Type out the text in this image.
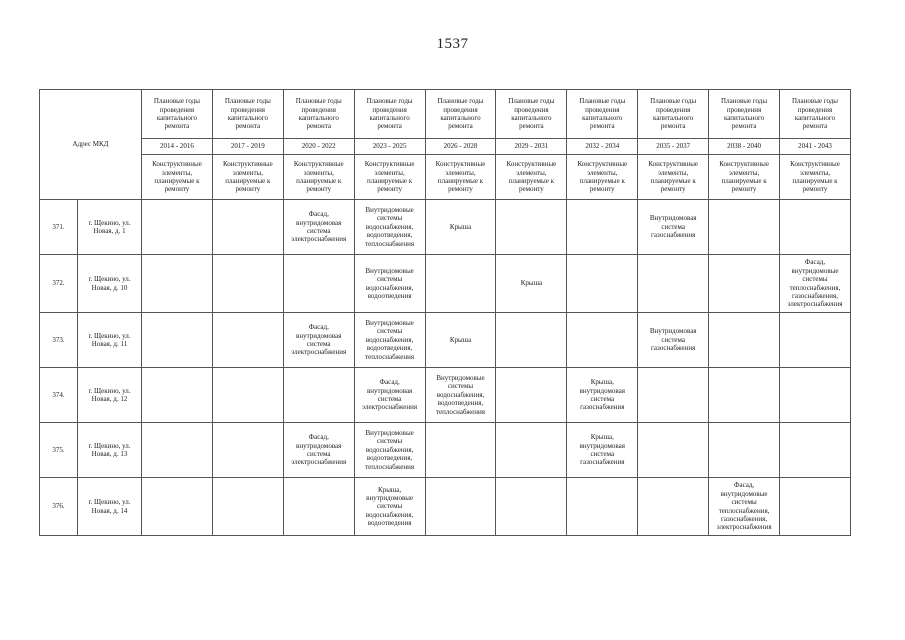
1537
Адрес МКД		Плановые годы проведения капитального ремонта	Плановые годы проведения капитального ремонта	Плановые годы проведения капитального ремонта	Плановые годы проведения капитального ремонта	Плановые годы проведения капитального ремонта	Плановые годы проведения капитального ремонта	Плановые годы проведения капитального ремонта	Плановые годы проведения капитального ремонта	Плановые годы проведения капитального ремонта	Плановые годы проведения капитального ремонта
		2014 - 2016	2017 - 2019	2020 - 2022	2023 - 2025	2026 - 2028	2029 - 2031	2032 - 2034	2035 - 2037	2038 - 2040	2041 - 2043
		Конструктивные элементы, планируемые к ремонту	Конструктивные элементы, планируемые к ремонту	Конструктивные элементы, планируемые к ремонту	Конструктивные элементы, планируемые к ремонту	Конструктивные элементы, планируемые к ремонту	Конструктивные элементы, планируемые к ремонту	Конструктивные элементы, планируемые к ремонту	Конструктивные элементы, планируемые к ремонту	Конструктивные элементы, планируемые к ремонту	Конструктивные элементы, планируемые к ремонту
371.	г. Щекино, ул. Новая, д. 1			Фасад, внутридомовая система электроснабжения	Внутридомовые системы водоснабжения, водоотведения, теплоснабжения	Крыша			Внутридомовая система газоснабжения		
372.	г. Щекино, ул. Новая, д. 10				Внутридомовые системы водоснабжения, водоотведения		Крыша				Фасад, внутридомовые системы теплоснабжения, газоснабжения, электроснабжения
373.	г. Щекино, ул. Новая, д. 11			Фасад, внутридомовая система электроснабжения	Внутридомовые системы водоснабжения, водоотведения, теплоснабжения	Крыша			Внутридомовая система газоснабжения		
374.	г. Щекино, ул. Новая, д. 12				Фасад, внутридомовая система электроснабжения	Внутридомовые системы водоснабжения, водоотведения, теплоснабжения		Крыша, внутридомовая система газоснабжения			
375.	г. Щекино, ул. Новая, д. 13			Фасад, внутридомовая система электроснабжения	Внутридомовые системы водоснабжения, водоотведения, теплоснабжения			Крыша, внутридомовая система газоснабжения			
376.	г. Щекино, ул. Новая, д. 14				Крыша, внутридомовые системы водоснабжения, водоотведения					Фасад, внутридомовые системы теплоснабжения, газоснабжения, электроснабжения	
